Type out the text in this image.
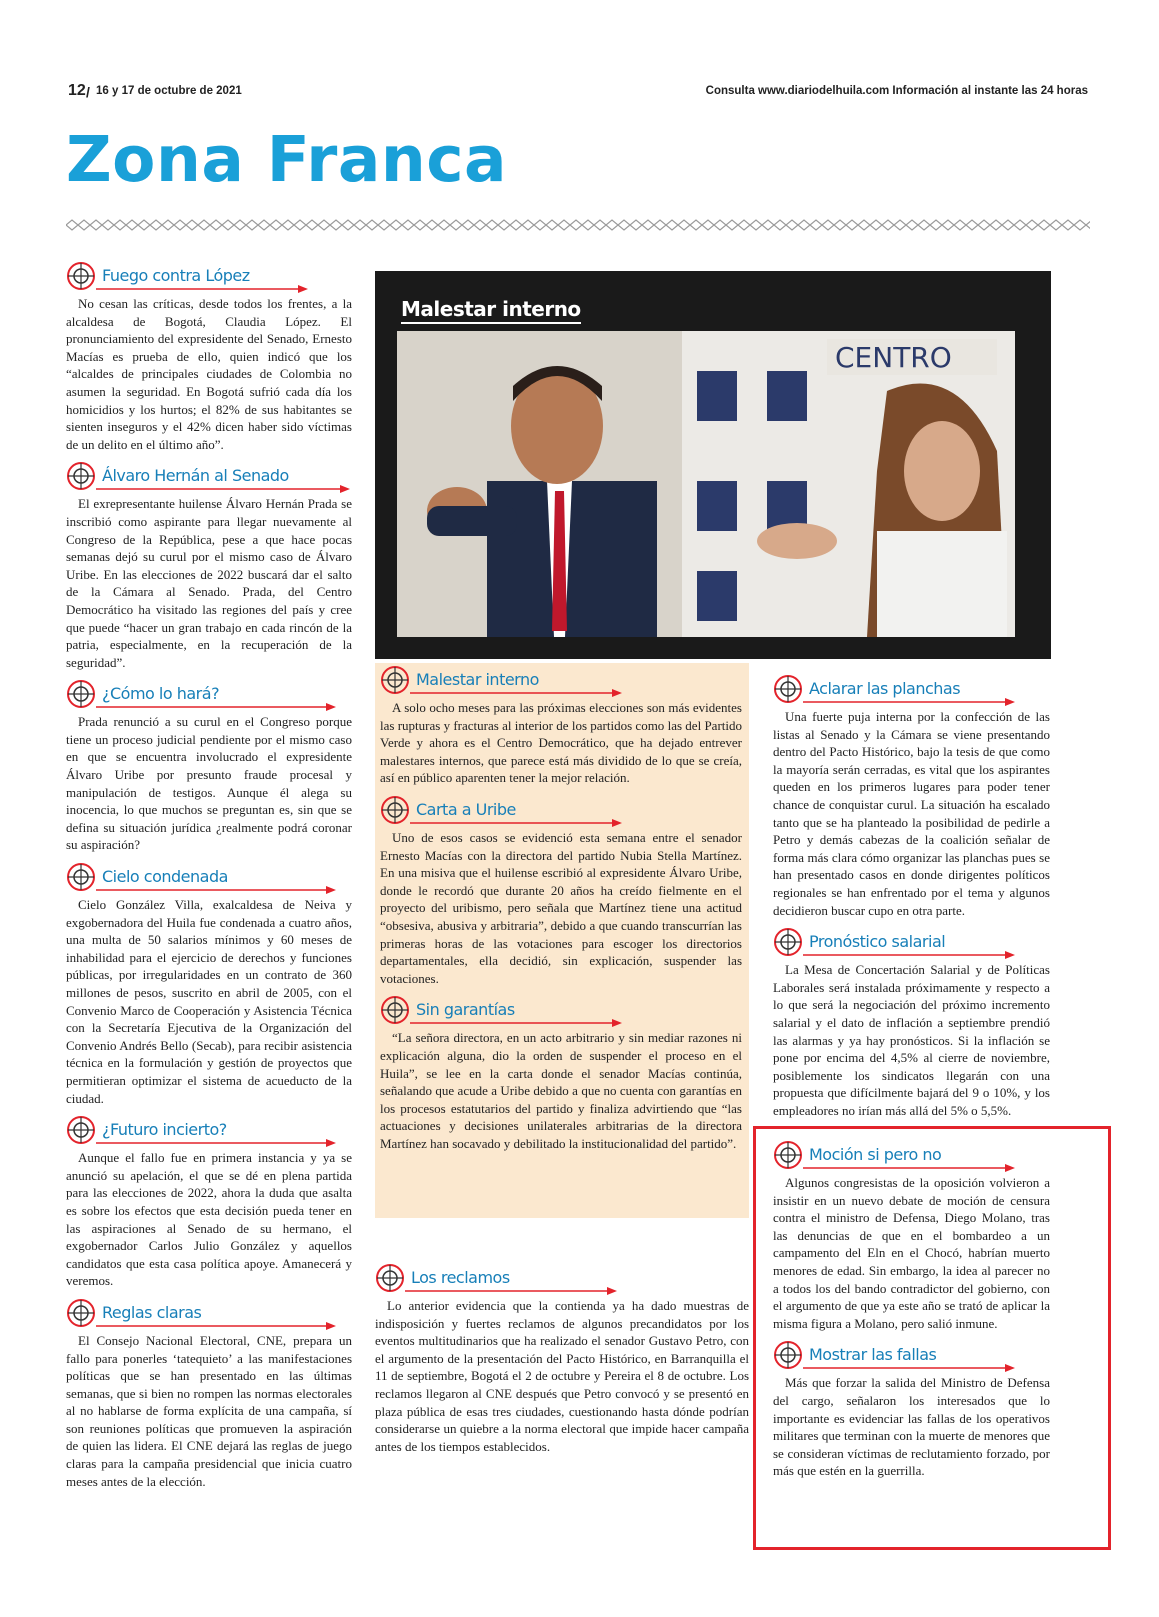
12 / 16 y 17 de octubre de 2021	Consulta www.diariodelhuila.com Información al instante las 24 horas
Zona Franca
Malestar interno
CENTRO
Fuego contra López

No cesan las críticas, desde todos los frentes, a la alcaldesa de Bogotá, Claudia López. El pronunciamiento del expresidente del Senado, Ernesto Macías es prueba de ello, quien indicó que los “alcaldes de principales ciudades de Colombia no asumen la seguridad. En Bogotá sufrió cada día los homicidios y los hurtos; el 82% de sus habitantes se sienten inseguros y el 42% dicen haber sido víctimas de un delito en el último año”.

Álvaro Hernán al Senado

El exrepresentante huilense Álvaro Hernán Prada se inscribió como aspirante para llegar nuevamente al Congreso de la República, pese a que hace pocas semanas dejó su curul por el mismo caso de Álvaro Uribe. En las elecciones de 2022 buscará dar el salto de la Cámara al Senado. Prada, del Centro Democrático ha visitado las regiones del país y cree que puede “hacer un gran trabajo en cada rincón de la patria, especialmente, en la recuperación de la seguridad”.

¿Cómo lo hará?

Prada renunció a su curul en el Congreso porque tiene un proceso judicial pendiente por el mismo caso en que se encuentra involucrado el expresidente Álvaro Uribe por presunto fraude procesal y manipulación de testigos. Aunque él alega su inocencia, lo que muchos se preguntan es, sin que se defina su situación jurídica ¿realmente podrá coronar su aspiración?

Cielo condenada

Cielo González Villa, exalcaldesa de Neiva y exgobernadora del Huila fue condenada a cuatro años, una multa de 50 salarios mínimos y 60 meses de inhabilidad para el ejercicio de derechos y funciones públicas, por irregularidades en un contrato de 360 millones de pesos, suscrito en abril de 2005, con el Convenio Marco de Cooperación y Asistencia Técnica con la Secretaría Ejecutiva de la Organización del Convenio Andrés Bello (Secab), para recibir asistencia técnica en la formulación y gestión de proyectos que permitieran optimizar el sistema de acueducto de la ciudad.

¿Futuro incierto?

Aunque el fallo fue en primera instancia y ya se anunció su apelación, el que se dé en plena partida para las elecciones de 2022, ahora la duda que asalta es sobre los efectos que esta decisión pueda tener en las aspiraciones al Senado de su hermano, el exgobernador Carlos Julio González y aquellos candidatos que esta casa política apoye. Amanecerá y veremos.

Reglas claras

El Consejo Nacional Electoral, CNE, prepara un fallo para ponerles ‘tatequieto’ a las manifestaciones políticas que se han presentado en las últimas semanas, que si bien no rompen las normas electorales al no hablarse de forma explícita de una campaña, sí son reuniones políticas que promueven la aspiración de quien las lidera. El CNE dejará las reglas de juego claras para la campaña presidencial que inicia cuatro meses antes de la elección.

Malestar interno

A solo ocho meses para las próximas elecciones son más evidentes las rupturas y fracturas al interior de los partidos como las del Partido Verde y ahora es el Centro Democrático, que ha dejado entrever malestares internos, que parece está más dividido de lo que se creía, así en público aparenten tener la mejor relación.

Carta a Uribe

Uno de esos casos se evidenció esta semana entre el senador Ernesto Macías con la directora del partido Nubia Stella Martínez. En una misiva que el huilense escribió al expresidente Álvaro Uribe, donde le recordó que durante 20 años ha creído fielmente en el proyecto del uribismo, pero señala que Martínez tiene una actitud “obsesiva, abusiva y arbitraria”, debido a que cuando transcurrían las primeras horas de las votaciones para escoger los directorios departamentales, ella decidió, sin explicación, suspender las votaciones.

Sin garantías

“La señora directora, en un acto arbitrario y sin mediar razones ni explicación alguna, dio la orden de suspender el proceso en el Huila”, se lee en la carta donde el senador Macías continúa, señalando que acude a Uribe debido a que no cuenta con garantías en los procesos estatutarios del partido y finaliza advirtiendo que “las actuaciones y decisiones unilaterales arbitrarias de la directora Martínez han socavado y debilitado la institucionalidad del partido”.

Los reclamos

Lo anterior evidencia que la contienda ya ha dado muestras de indisposición y fuertes reclamos de algunos precandidatos por los eventos multitudinarios que ha realizado el senador Gustavo Petro, con el argumento de la presentación del Pacto Histórico, en Barranquilla el 11 de septiembre, Bogotá el 2 de octubre y Pereira el 8 de octubre. Los reclamos llegaron al CNE después que Petro convocó y se presentó en plaza pública de esas tres ciudades, cuestionando hasta dónde podrían considerarse un quiebre a la norma electoral que impide hacer campaña antes de los tiempos establecidos.

Aclarar las planchas

Una fuerte puja interna por la confección de las listas al Senado y la Cámara se viene presentando dentro del Pacto Histórico, bajo la tesis de que como la mayoría serán cerradas, es vital que los aspirantes queden en los primeros lugares para poder tener chance de conquistar curul. La situación ha escalado tanto que se ha planteado la posibilidad de pedirle a Petro y demás cabezas de la coalición señalar de forma más clara cómo organizar las planchas pues se han presentado casos en donde dirigentes políticos regionales se han enfrentado por el tema y algunos decidieron buscar cupo en otra parte.

Pronóstico salarial

La Mesa de Concertación Salarial y de Políticas Laborales será instalada próximamente y respecto a lo que será la negociación del próximo incremento salarial y el dato de inflación a septiembre prendió las alarmas y ya hay pronósticos. Si la inflación se pone por encima del 4,5% al cierre de noviembre, posiblemente los sindicatos llegarán con una propuesta que difícilmente bajará del 9 o 10%, y los empleadores no irían más allá del 5% o 5,5%.

Moción si pero no

Algunos congresistas de la oposición volvieron a insistir en un nuevo debate de moción de censura contra el ministro de Defensa, Diego Molano, tras las denuncias de que en el bombardeo a un campamento del Eln en el Chocó, habrían muerto menores de edad. Sin embargo, la idea al parecer no a todos los del bando contradictor del gobierno, con el argumento de que ya este año se trató de aplicar la misma figura a Molano, pero salió inmune.

Mostrar las fallas

Más que forzar la salida del Ministro de Defensa del cargo, señalaron los interesados que lo importante es evidenciar las fallas de los operativos militares que terminan con la muerte de menores que se consideran víctimas de reclutamiento forzado, por más que estén en la guerrilla.
